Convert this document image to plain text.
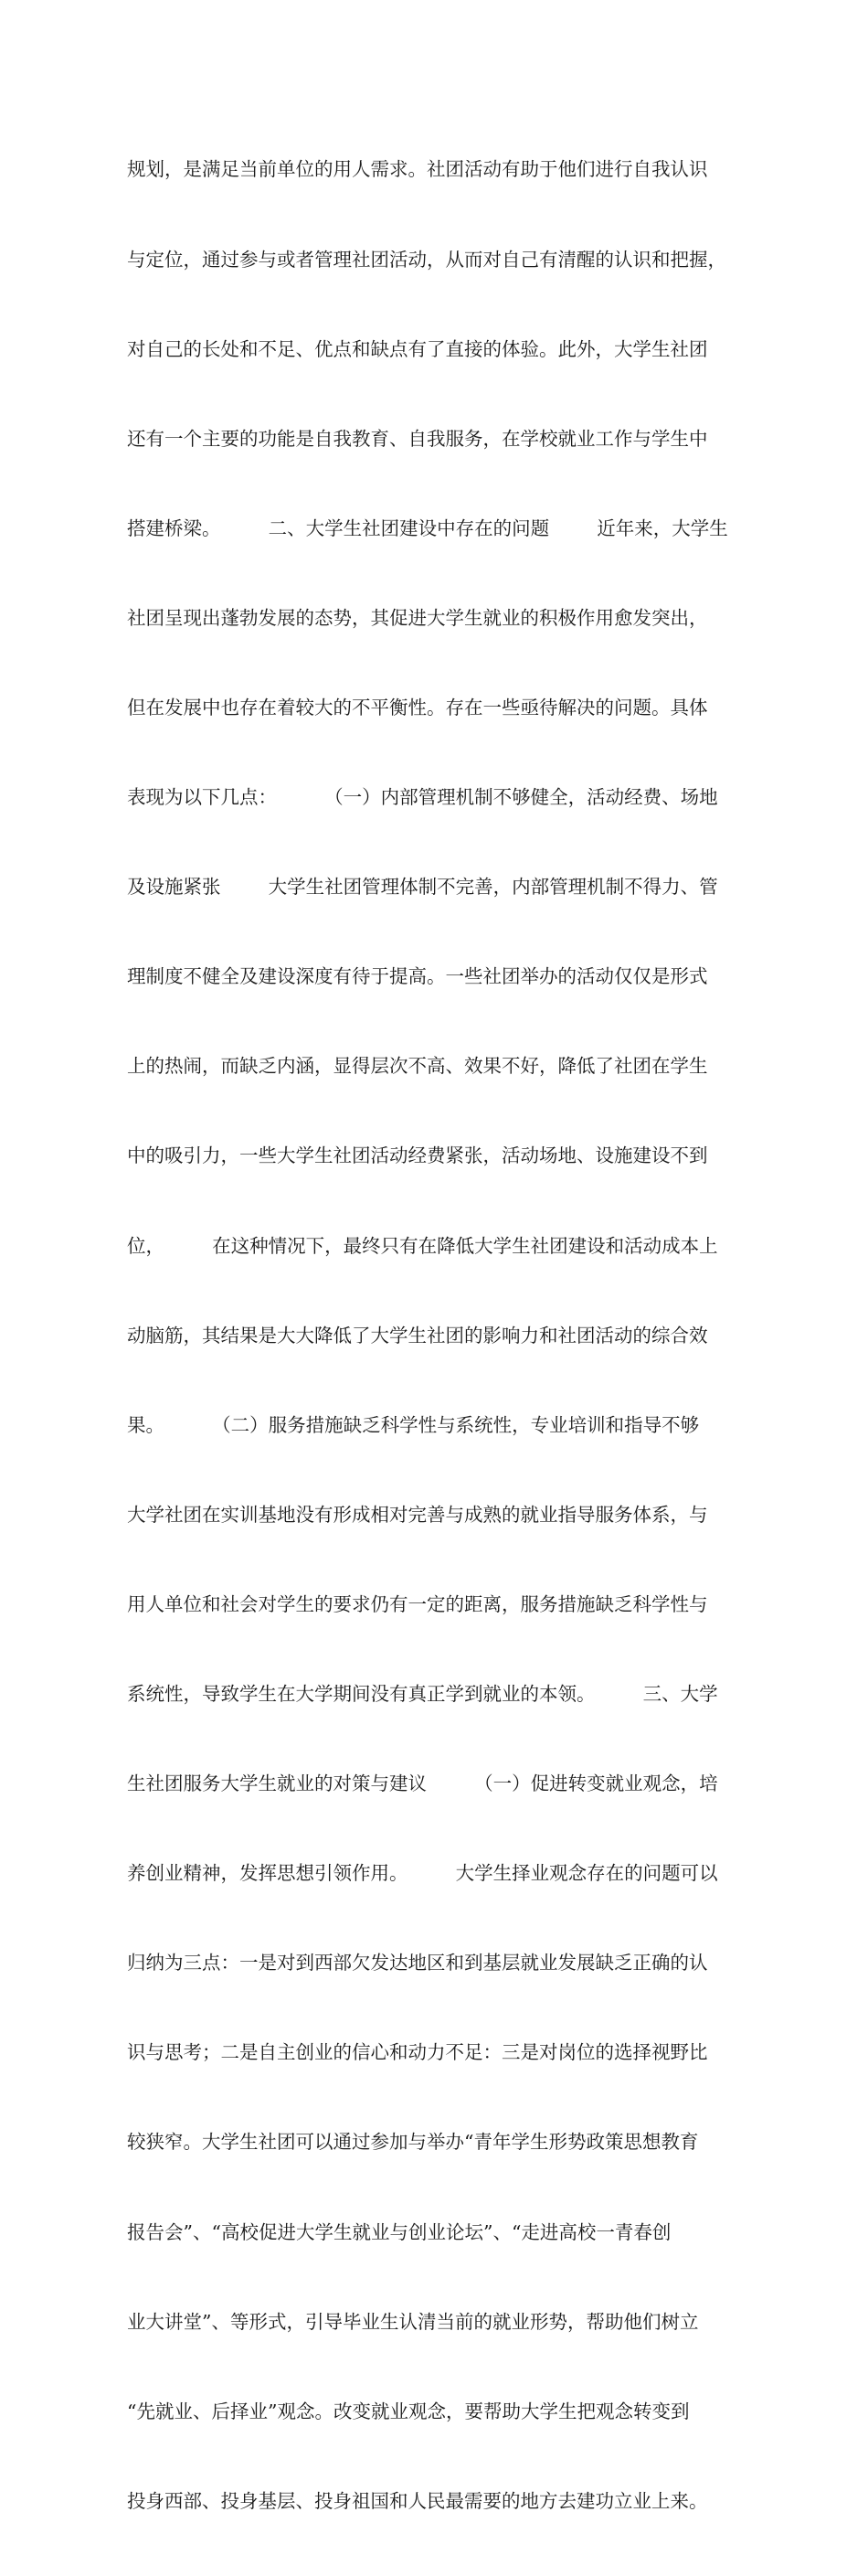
规划，是满足当前单位的用人需求。社团活动有助于他们进行自我认识

与定位，通过参与或者管理社团活动，从而对自己有清醒的认识和把握，

对自己的长处和不足、优点和缺点有了直接的体验。此外，大学生社团

还有一个主要的功能是自我教育、自我服务，在学校就业工作与学生中

搭建桥梁。        二、大学生社团建设中存在的问题        近年来，大学生

社团呈现出蓬勃发展的态势，其促进大学生就业的积极作用愈发突出，

但在发展中也存在着较大的不平衡性。存在一些亟待解决的问题。具体

表现为以下几点：        （一）内部管理机制不够健全，活动经费、场地

及设施紧张        大学生社团管理体制不完善，内部管理机制不得力、管

理制度不健全及建设深度有待于提高。一些社团举办的活动仅仅是形式

上的热闹，而缺乏内涵，显得层次不高、效果不好，降低了社团在学生

中的吸引力，一些大学生社团活动经费紧张，活动场地、设施建设不到

位，        在这种情况下，最终只有在降低大学生社团建设和活动成本上

动脑筋，其结果是大大降低了大学生社团的影响力和社团活动的综合效

果。        （二）服务措施缺乏科学性与系统性，专业培训和指导不够

大学社团在实训基地没有形成相对完善与成熟的就业指导服务体系，与

用人单位和社会对学生的要求仍有一定的距离，服务措施缺乏科学性与

系统性，导致学生在大学期间没有真正学到就业的本领。        三、大学

生社团服务大学生就业的对策与建议        （一）促进转变就业观念，培

养创业精神，发挥思想引领作用。        大学生择业观念存在的问题可以

归纳为三点：一是对到西部欠发达地区和到基层就业发展缺乏正确的认

识与思考；二是自主创业的信心和动力不足：三是对岗位的选择视野比

较狭窄。大学生社团可以通过参加与举办“青年学生形势政策思想教育

报告会”、“高校促进大学生就业与创业论坛”、“走进高校一青春创

业大讲堂”、等形式，引导毕业生认清当前的就业形势，帮助他们树立

“先就业、后择业”观念。改变就业观念，要帮助大学生把观念转变到

投身西部、投身基层、投身祖国和人民最需要的地方去建功立业上来。
